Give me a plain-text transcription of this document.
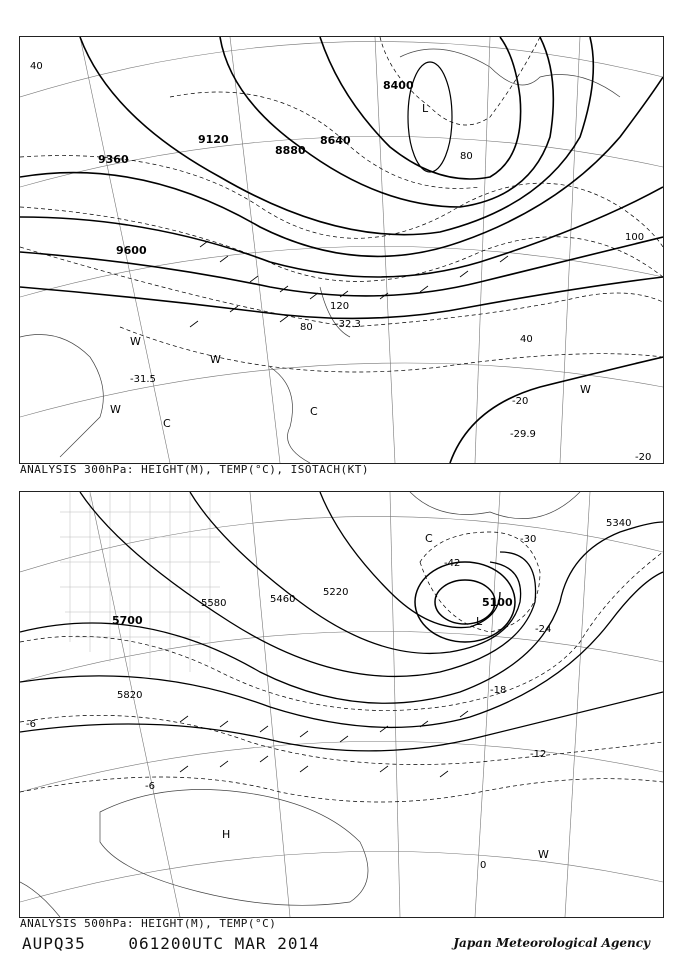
8400
8640
8880
9120
9360
9600
40
40
80
80
100
120
-20
-20
-29.9
-31.5
-32.3
L
W
W
W
C
C
W
ANALYSIS 300hPa: HEIGHT(M), TEMP(°C), ISOTACH(KT)
5100
5220
5340
5460
5580
5700
5820
-42
-30
-24
-18
-12
-6
-6
0
L
C
H
W
ANALYSIS 500hPa: HEIGHT(M), TEMP(°C)
AUPQ35	061200UTC MAR 2014	Japan Meteorological Agency
